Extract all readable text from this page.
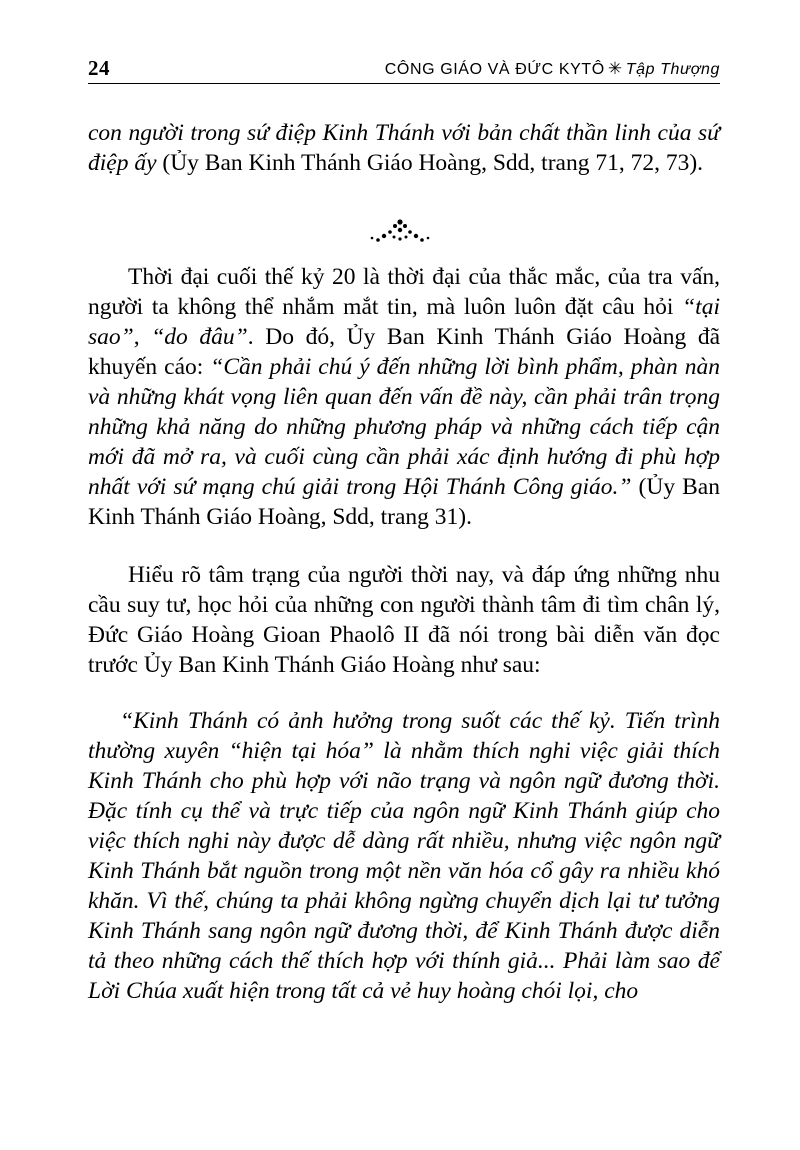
24	CÔNG GIÁO VÀ ĐỨC KYTÔ ✳ Tập Thượng

con người trong sứ điệp Kinh Thánh với bản chất thần linh của sứ điệp ấy (Ủy Ban Kinh Thánh Giáo Hoàng, Sdd, trang 71, 72, 73).

Thời đại cuối thế kỷ 20 là thời đại của thắc mắc, của tra vấn, người ta không thể nhắm mắt tin, mà luôn luôn đặt câu hỏi “tại sao”, “do đâu”. Do đó, Ủy Ban Kinh Thánh Giáo Hoàng đã khuyến cáo: “Cần phải chú ý đến những lời bình phẩm, phàn nàn và những khát vọng liên quan đến vấn đề này, cần phải trân trọng những khả năng do những phương pháp và những cách tiếp cận mới đã mở ra, và cuối cùng cần phải xác định hướng đi phù hợp nhất với sứ mạng chú giải trong Hội Thánh Công giáo.” (Ủy Ban Kinh Thánh Giáo Hoàng, Sdd, trang 31).

Hiểu rõ tâm trạng của người thời nay, và đáp ứng những nhu cầu suy tư, học hỏi của những con người thành tâm đi tìm chân lý, Đức Giáo Hoàng Gioan Phaolô II đã nói trong bài diễn văn đọc trước Ủy Ban Kinh Thánh Giáo Hoàng như sau:

“Kinh Thánh có ảnh hưởng trong suốt các thế kỷ. Tiến trình thường xuyên “hiện tại hóa” là nhằm thích nghi việc giải thích Kinh Thánh cho phù hợp với não trạng và ngôn ngữ đương thời. Đặc tính cụ thể và trực tiếp của ngôn ngữ Kinh Thánh giúp cho việc thích nghi này được dễ dàng rất nhiều, nhưng việc ngôn ngữ Kinh Thánh bắt nguồn trong một nền văn hóa cổ gây ra nhiều khó khăn. Vì thế, chúng ta phải không ngừng chuyển dịch lại tư tưởng Kinh Thánh sang ngôn ngữ đương thời, để Kinh Thánh được diễn tả theo những cách thế thích hợp với thính giả... Phải làm sao để Lời Chúa xuất hiện trong tất cả vẻ huy hoàng chói lọi, cho
